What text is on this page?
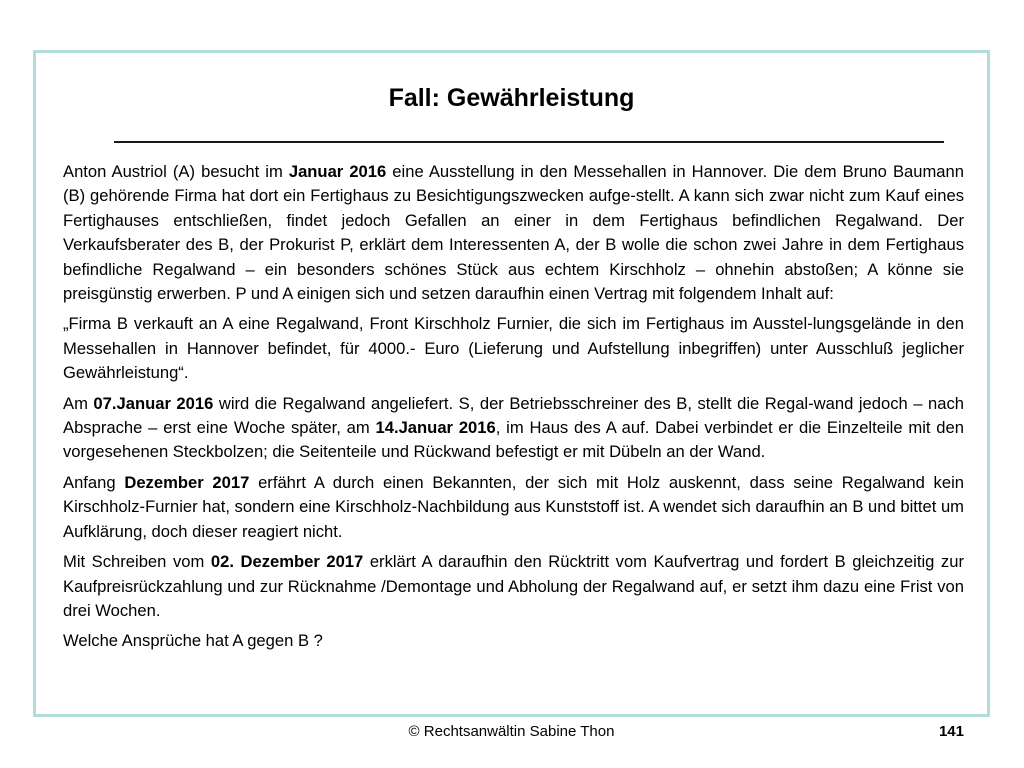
Fall: Gewährleistung

Anton Austriol (A) besucht im Januar 2016 eine Ausstellung in den Messehallen in Hannover. Die dem Bruno Baumann (B) gehörende Firma hat dort ein Fertighaus zu Besichtigungszwecken aufge-stellt. A kann sich zwar nicht zum Kauf eines Fertighauses entschließen, findet jedoch Gefallen an einer in dem Fertighaus befindlichen Regalwand. Der Verkaufsberater des B, der Prokurist P, erklärt dem Interessenten A, der B wolle die schon zwei Jahre in dem Fertighaus befindliche Regalwand – ein besonders schönes Stück aus echtem Kirschholz – ohnehin abstoßen; A könne sie preisgünstig erwerben. P und A einigen sich und setzen daraufhin einen Vertrag mit folgendem Inhalt auf:

„Firma B verkauft an A eine Regalwand, Front Kirschholz Furnier, die sich im Fertighaus im Ausstel-lungsgelände in den Messehallen in Hannover befindet, für 4000.- Euro (Lieferung und Aufstellung inbegriffen) unter Ausschluß jeglicher Gewährleistung“.

Am 07.Januar 2016 wird die Regalwand angeliefert. S, der Betriebsschreiner des B, stellt die Regal-wand jedoch – nach Absprache – erst eine Woche später, am 14.Januar 2016, im Haus des A auf. Dabei verbindet er die Einzelteile mit den vorgesehenen Steckbolzen; die Seitenteile und Rückwand befestigt er mit Dübeln an der Wand.

Anfang Dezember 2017 erfährt A durch einen Bekannten, der sich mit Holz auskennt, dass seine Regalwand kein Kirschholz-Furnier hat, sondern eine Kirschholz-Nachbildung aus Kunststoff ist. A wendet sich daraufhin an B und bittet um Aufklärung, doch dieser reagiert nicht.

Mit Schreiben vom 02. Dezember 2017 erklärt A daraufhin den Rücktritt vom Kaufvertrag und fordert B gleichzeitig zur Kaufpreisrückzahlung und zur Rücknahme /Demontage und Abholung der Regalwand auf, er setzt ihm dazu eine Frist von drei Wochen.

Welche Ansprüche hat A gegen B ?

© Rechtsanwältin Sabine Thon	141
